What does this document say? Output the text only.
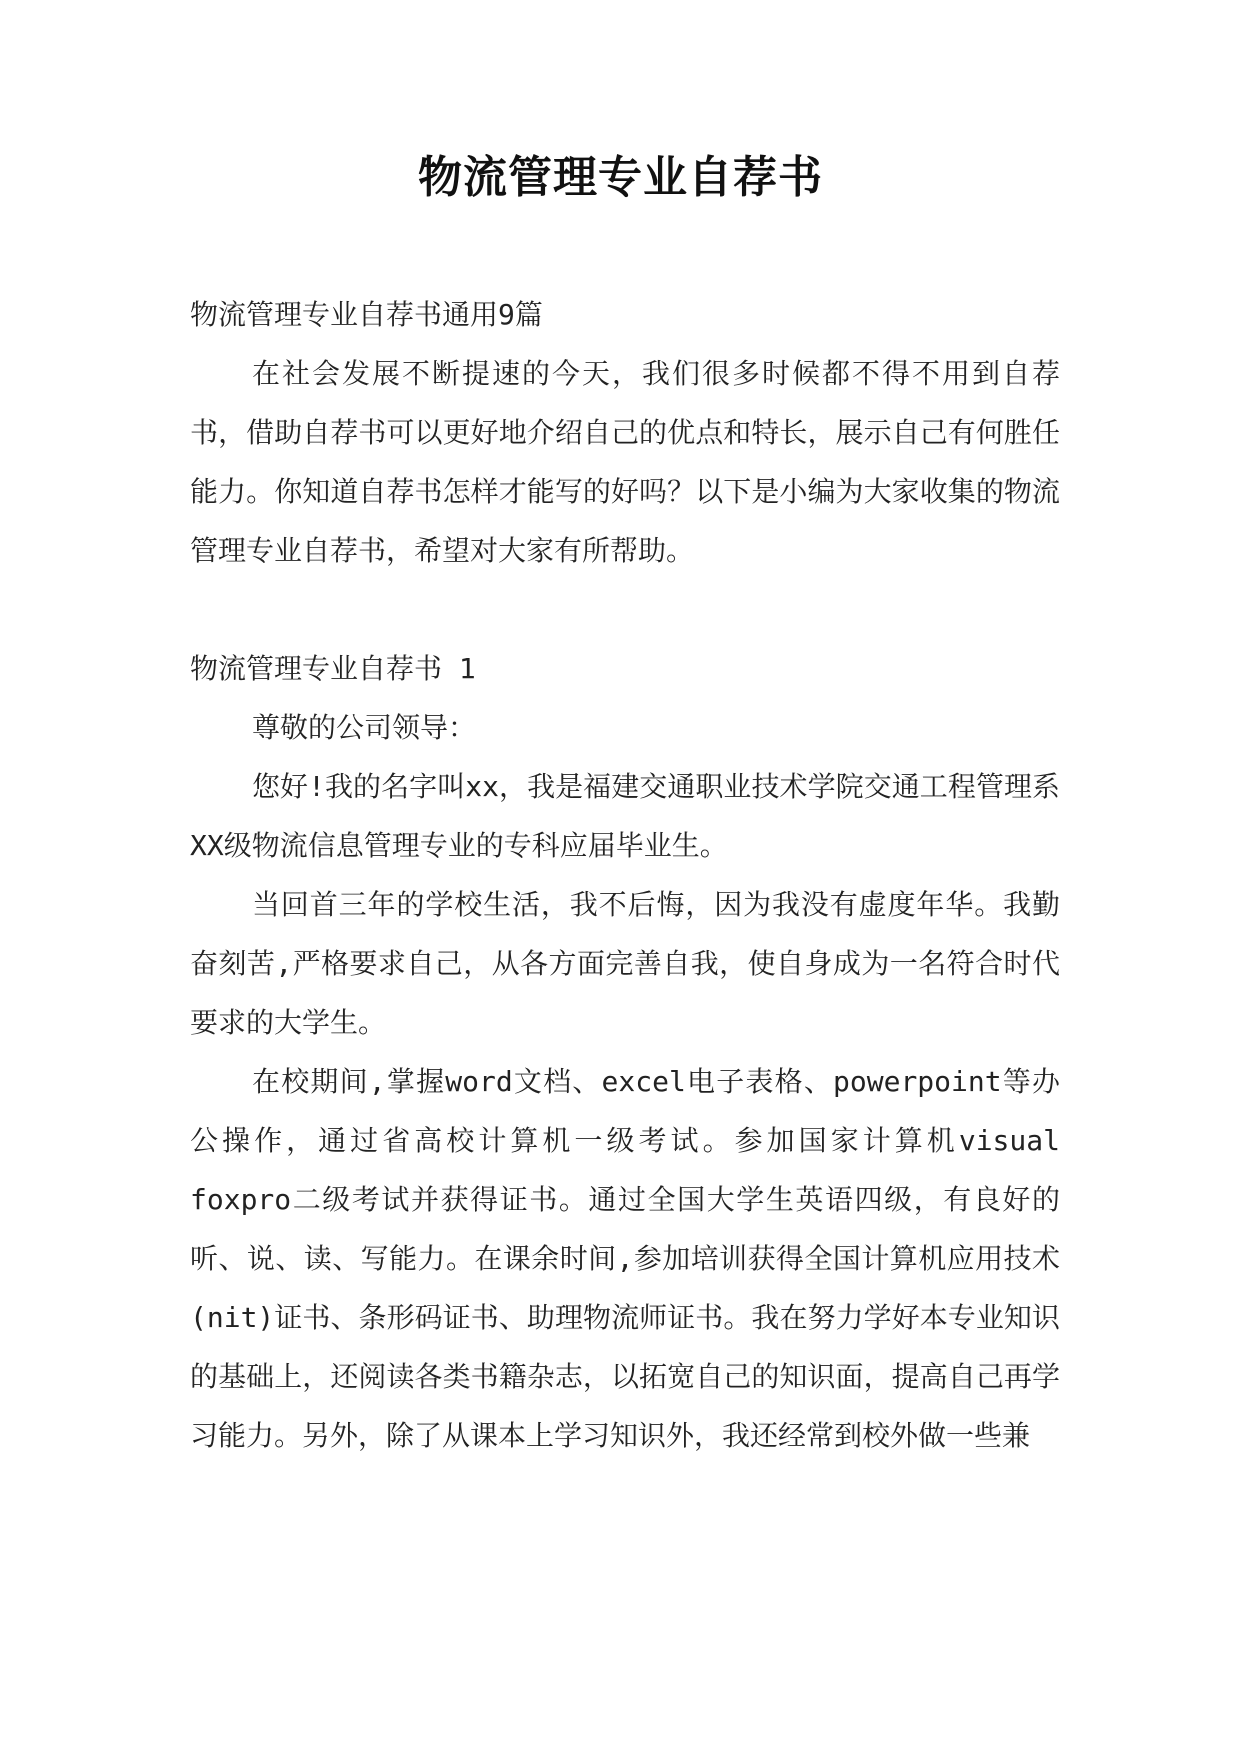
物流管理专业自荐书

物流管理专业自荐书通用9篇

在社会发展不断提速的今天，我们很多时候都不得不用到自荐书，借助自荐书可以更好地介绍自己的优点和特长，展示自己有何胜任能力。你知道自荐书怎样才能写的好吗？以下是小编为大家收集的物流管理专业自荐书，希望对大家有所帮助。

物流管理专业自荐书 1

尊敬的公司领导：

您好!我的名字叫xx，我是福建交通职业技术学院交通工程管理系XX级物流信息管理专业的专科应届毕业生。

当回首三年的学校生活，我不后悔，因为我没有虚度年华。我勤奋刻苦,严格要求自己，从各方面完善自我，使自身成为一名符合时代要求的大学生。

在校期间,掌握word文档、excel电子表格、powerpoint等办公操作，通过省高校计算机一级考试。参加国家计算机visual foxpro二级考试并获得证书。通过全国大学生英语四级，有良好的听、说、读、写能力。在课余时间,参加培训获得全国计算机应用技术(nit)证书、条形码证书、助理物流师证书。我在努力学好本专业知识的基础上，还阅读各类书籍杂志，以拓宽自己的知识面，提高自己再学习能力。另外，除了从课本上学习知识外，我还经常到校外做一些兼
